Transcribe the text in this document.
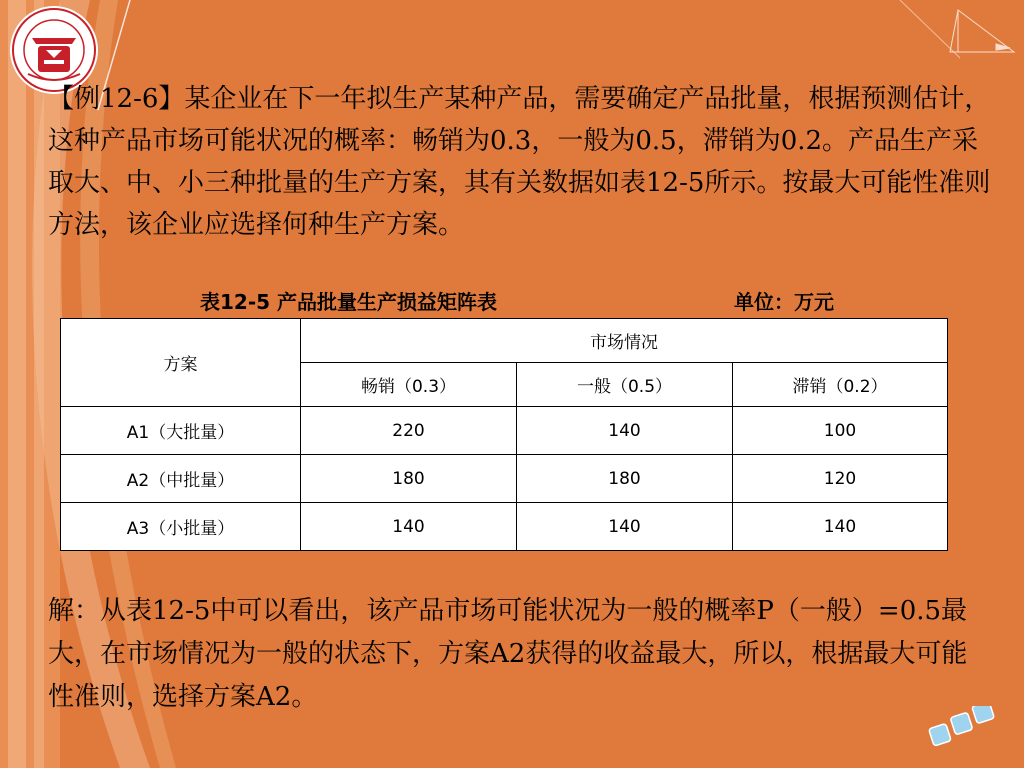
【例12-6】某企业在下一年拟生产某种产品，需要确定产品批量，根据预测估计，这种产品市场可能状况的概率：畅销为0.3，一般为0.5，滞销为0.2。产品生产采取大、中、小三种批量的生产方案，其有关数据如表12-5所示。按最大可能性准则方法，该企业应选择何种生产方案。
表12-5 产品批量生产损益矩阵表	单位：万元
方案	市场情况		
	畅销（0.3）	一般（0.5）	滞销（0.2）
A1（大批量）	220	140	100
A2（中批量）	180	180	120
A3（小批量）	140	140	140
解：从表12-5中可以看出，该产品市场可能状况为一般的概率P（一般）=0.5最大，在市场情况为一般的状态下，方案A2获得的收益最大，所以，根据最大可能性准则，选择方案A2。
